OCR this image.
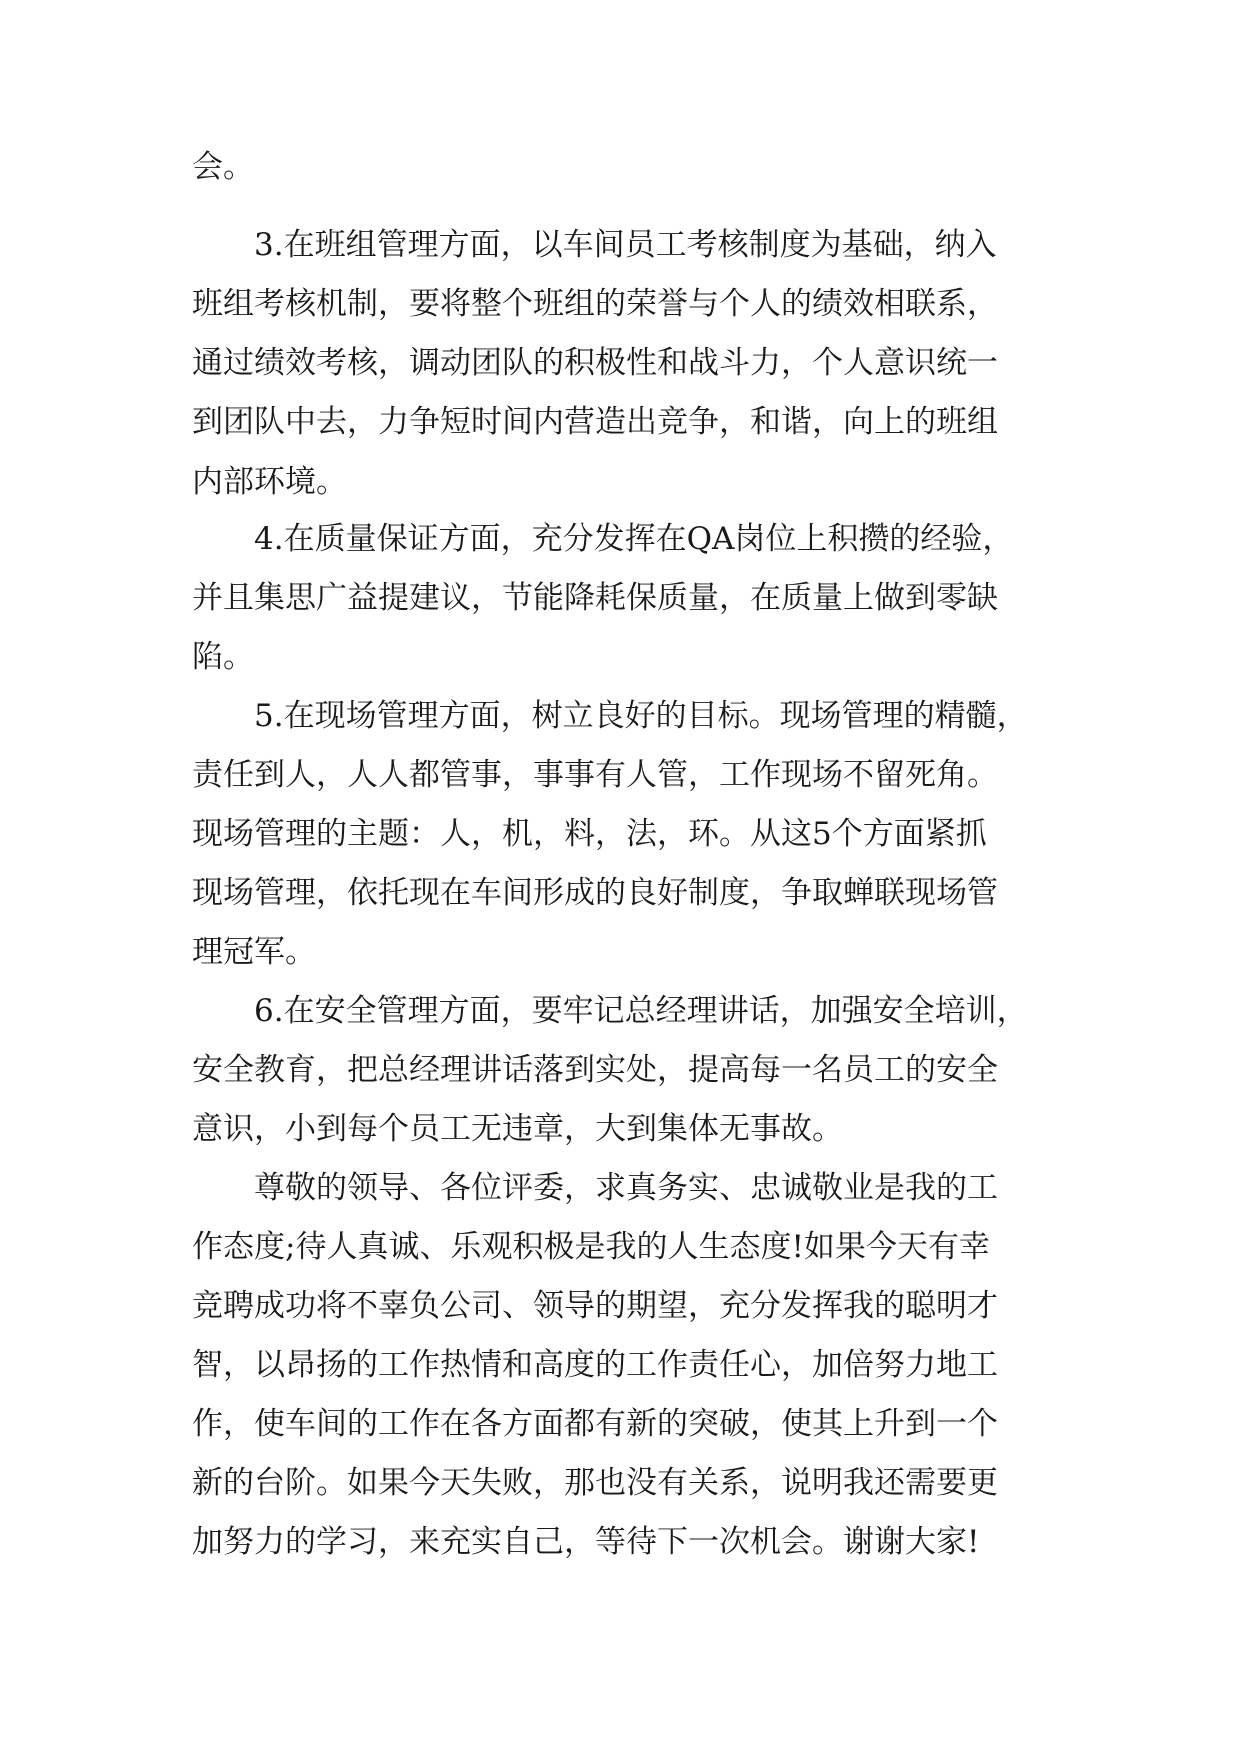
会。
3.在班组管理方面，以车间员工考核制度为基础，纳入
班组考核机制，要将整个班组的荣誉与个人的绩效相联系，
通过绩效考核，调动团队的积极性和战斗力，个人意识统一
到团队中去，力争短时间内营造出竞争，和谐，向上的班组
内部环境。
4.在质量保证方面，充分发挥在QA岗位上积攒的经验，
并且集思广益提建议，节能降耗保质量，在质量上做到零缺
陷。
5.在现场管理方面，树立良好的目标。现场管理的精髓，
责任到人，人人都管事，事事有人管，工作现场不留死角。
现场管理的主题：人，机，料，法，环。从这5个方面紧抓
现场管理，依托现在车间形成的良好制度，争取蝉联现场管
理冠军。
6.在安全管理方面，要牢记总经理讲话，加强安全培训，
安全教育，把总经理讲话落到实处，提高每一名员工的安全
意识，小到每个员工无违章，大到集体无事故。
尊敬的领导、各位评委，求真务实、忠诚敬业是我的工
作态度;待人真诚、乐观积极是我的人生态度!如果今天有幸
竞聘成功将不辜负公司、领导的期望，充分发挥我的聪明才
智，以昂扬的工作热情和高度的工作责任心，加倍努力地工
作，使车间的工作在各方面都有新的突破，使其上升到一个
新的台阶。如果今天失败，那也没有关系，说明我还需要更
加努力的学习，来充实自己，等待下一次机会。谢谢大家!
